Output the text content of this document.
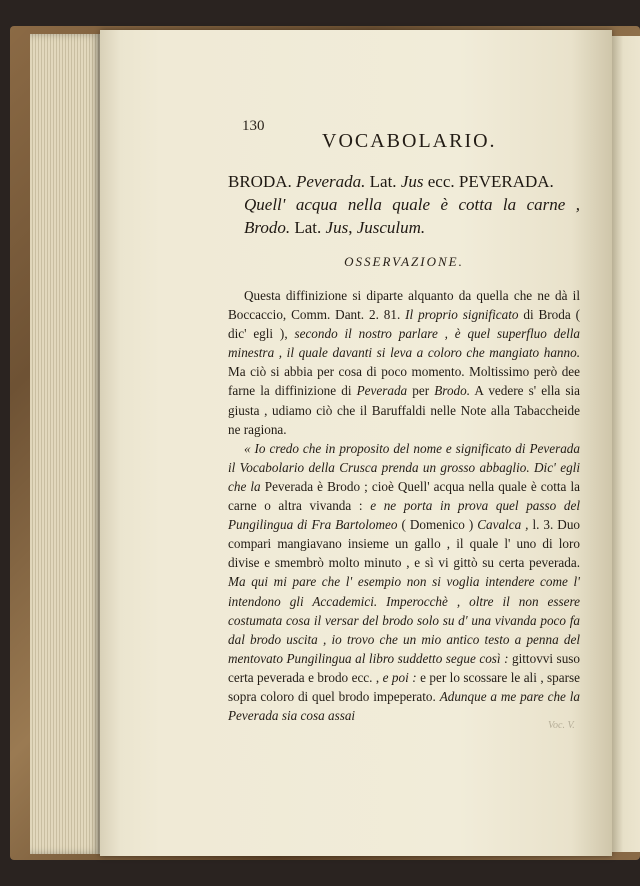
130
VOCABOLARIO.
BRODA. Peverada. Lat. Jus ecc. PEVERADA.
Quell' acqua nella quale è cotta la carne , Brodo. Lat. Jus, Jusculum.
OSSERVAZIONE.

Questa diffinizione si diparte alquanto da quella che ne dà il Boccaccio, Comm. Dant. 2. 81. Il proprio significato di Broda ( dic' egli ), secondo il nostro parlare , è quel superfluo della minestra , il quale davanti si leva a coloro che mangiato hanno. Ma ciò si abbia per cosa di poco momento. Moltissimo però dee farne la diffinizione di Peverada per Brodo. A vedere s' ella sia giusta , udiamo ciò che il Baruffaldi nelle Note alla Tabaccheide ne ragiona.

« Io credo che in proposito del nome e significato di Peverada il Vocabolario della Crusca prenda un grosso abbaglio. Dic' egli che la Peverada è Brodo ; cioè Quell' acqua nella quale è cotta la carne o altra vivanda : e ne porta in prova quel passo del Pungilingua di Fra Bartolomeo ( Domenico ) Cavalca , l. 3. Duo compari mangiavano insieme un gallo , il quale l' uno di loro divise e smembrò molto minuto , e sì vi gittò su certa peverada. Ma qui mi pare che l' esempio non si voglia intendere come l' intendono gli Accademici. Imperocchè , oltre il non essere costumata cosa il versar del brodo solo su d' una vivanda poco fa dal brodo uscita , io trovo che un mio antico testo a penna del mentovato Pungilingua al libro suddetto segue così : gittovvi suso certa peverada e brodo ecc. , e poi : e per lo scossare le ali , sparse sopra coloro di quel brodo impeperato. Adunque a me pare che la Peverada sia cosa assai

Voc. V.
